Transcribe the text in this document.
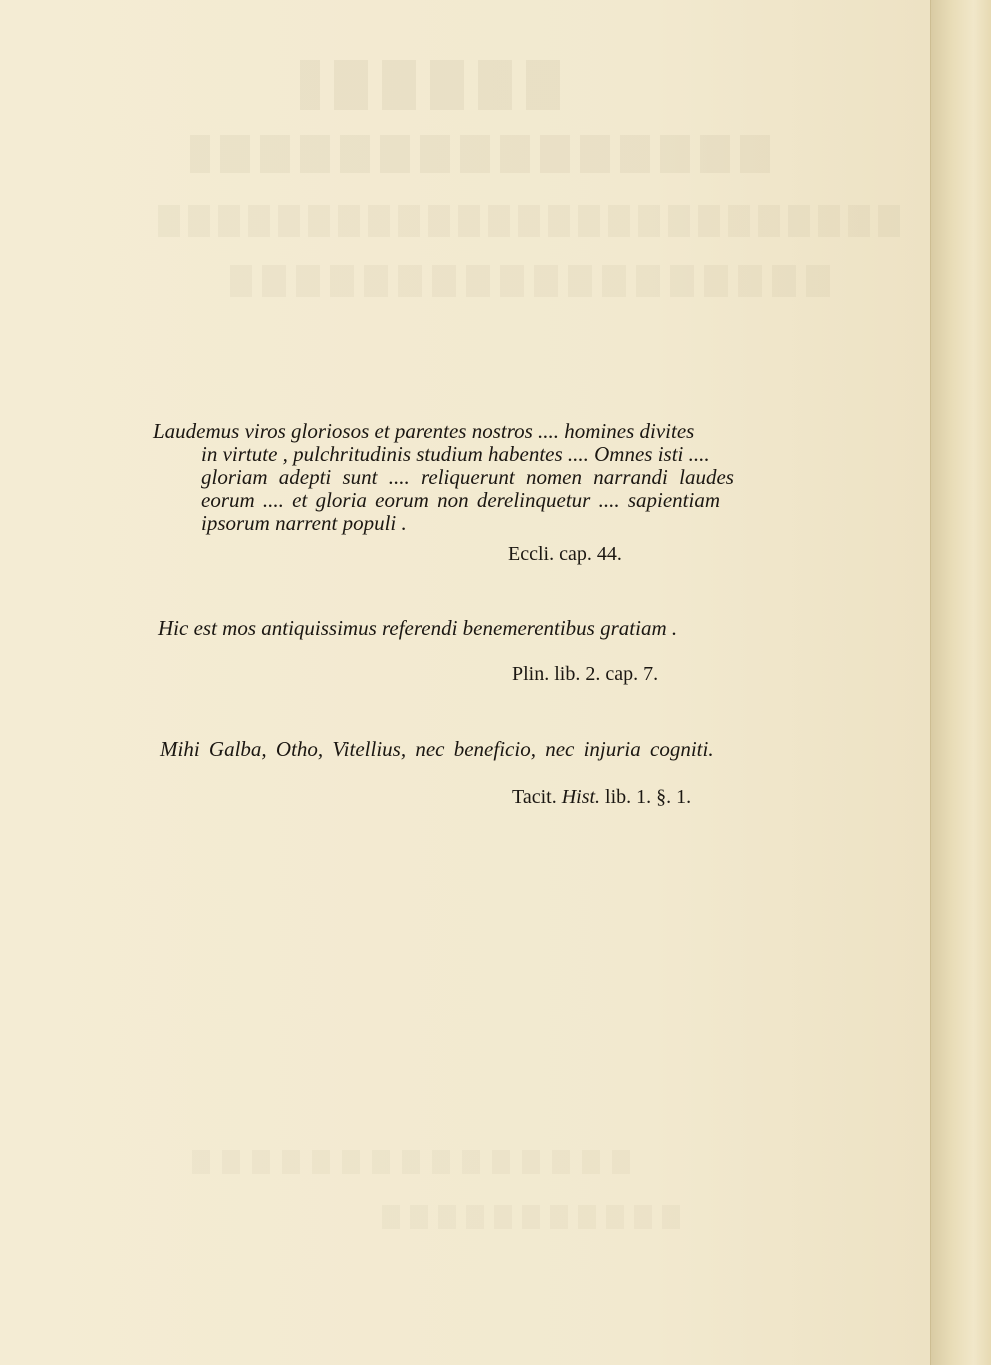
Laudemus viros gloriosos et parentes nostros .... homines divites
in virtute , pulchritudinis studium habentes .... Omnes isti ....
gloriam adepti sunt .... reliquerunt nomen narrandi laudes
eorum .... et gloria eorum non derelinquetur .... sapientiam
ipsorum narrent populi .
Eccli. cap. 44.
Hic est mos antiquissimus referendi benemerentibus gratiam .
Plin. lib. 2. cap. 7.
Mihi Galba, Otho, Vitellius, nec beneficio, nec injuria cogniti.
Tacit. Hist. lib. 1. §. 1.
